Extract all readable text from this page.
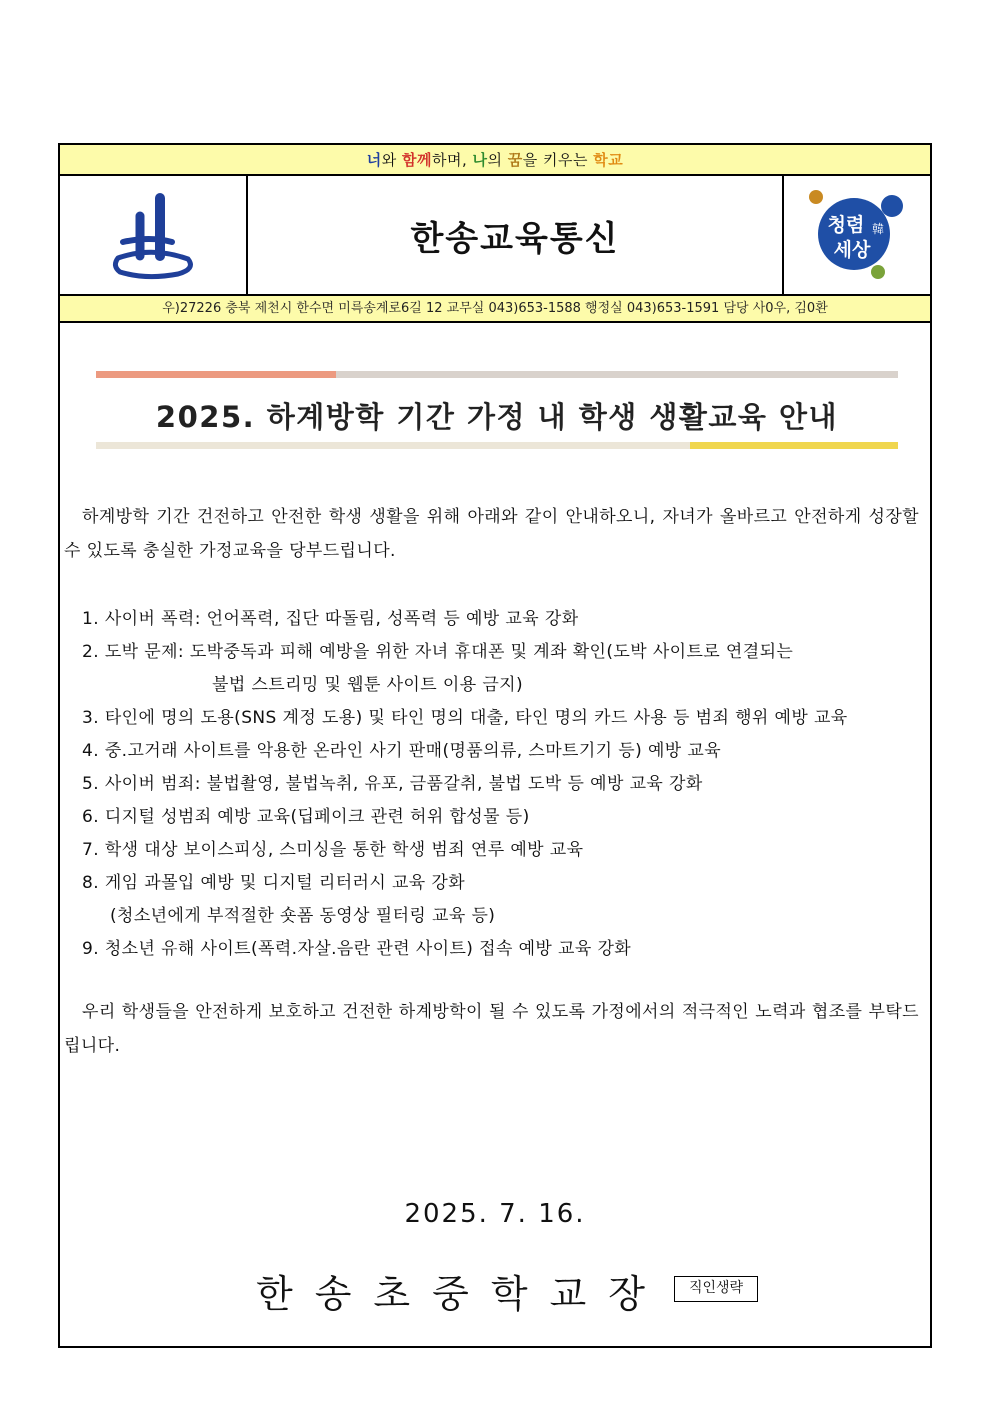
너와 함께하며, 나의 꿈을 키우는 학교
한송교육통신	청렴
세상
韓
우)27226 충북 제천시 한수면 미륵송계로6길 12 교무실 043)653-1588 행정실 043)653-1591 담당 사0우, 김0환
2025. 하계방학 기간 가정 내 학생 생활교육 안내
하계방학 기간 건전하고 안전한 학생 생활을 위해 아래와 같이 안내하오니, 자녀가 올바르고 안전하게 성장할 수 있도록 충실한 가정교육을 당부드립니다.
1. 사이버 폭력: 언어폭력, 집단 따돌림, 성폭력 등 예방 교육 강화
2. 도박 문제: 도박중독과 피해 예방을 위한 자녀 휴대폰 및 계좌 확인(도박 사이트로 연결되는
불법 스트리밍 및 웹툰 사이트 이용 금지)
3. 타인에 명의 도용(SNS 계정 도용) 및 타인 명의 대출, 타인 명의 카드 사용 등 범죄 행위 예방 교육
4. 중.고거래 사이트를 악용한 온라인 사기 판매(명품의류, 스마트기기 등) 예방 교육
5. 사이버 범죄: 불법촬영, 불법녹취, 유포, 금품갈취, 불법 도박 등 예방 교육 강화
6. 디지털 성범죄 예방 교육(딥페이크 관련 허위 합성물 등)
7. 학생 대상 보이스피싱, 스미싱을 통한 학생 범죄 연루 예방 교육
8. 게임 과몰입 예방 및 디지털 리터러시 교육 강화
(청소년에게 부적절한 숏폼 동영상 필터링 교육 등)
9. 청소년 유해 사이트(폭력.자살.음란 관련 사이트) 접속 예방 교육 강화
우리 학생들을 안전하게 보호하고 건전한 하계방학이 될 수 있도록 가정에서의 적극적인 노력과 협조를 부탁드립니다.
2025. 7. 16.
한송초중학교장	직인생략
